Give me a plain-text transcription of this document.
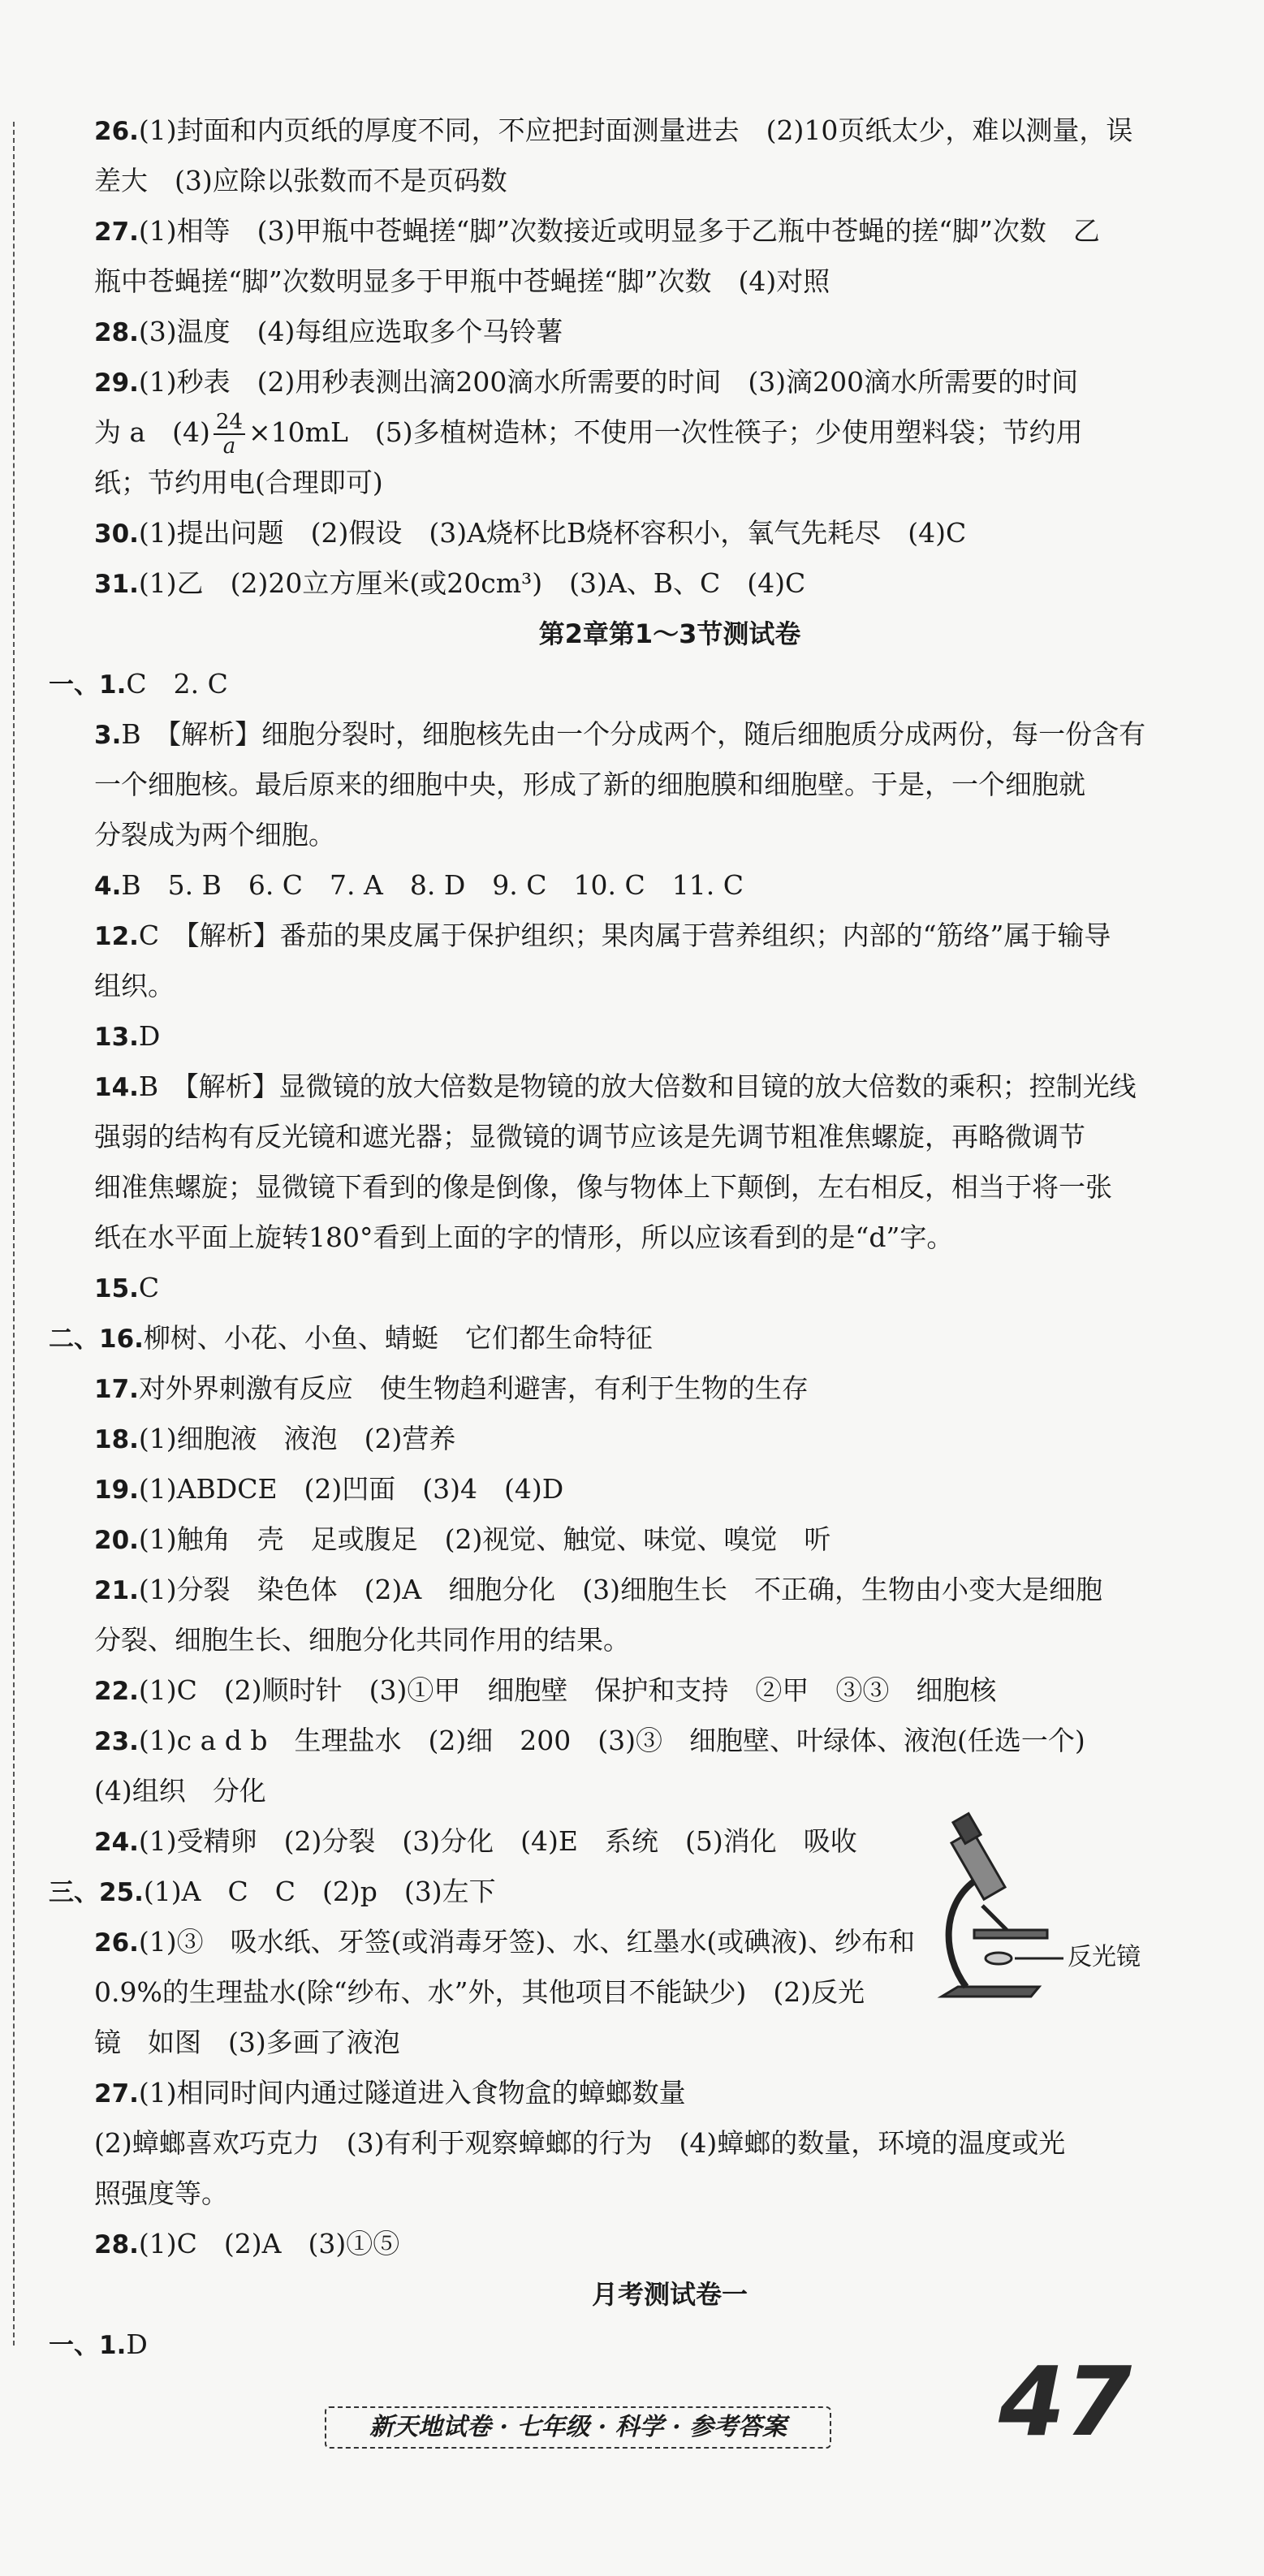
26.(1)封面和内页纸的厚度不同，不应把封面测量进去　(2)10页纸太少，难以测量，误
差大　(3)应除以张数而不是页码数
27.(1)相等　(3)甲瓶中苍蝇搓“脚”次数接近或明显多于乙瓶中苍蝇的搓“脚”次数　乙
瓶中苍蝇搓“脚”次数明显多于甲瓶中苍蝇搓“脚”次数　(4)对照
28.(3)温度　(4)每组应选取多个马铃薯
29.(1)秒表　(2)用秒表测出滴200滴水所需要的时间　(3)滴200滴水所需要的时间
为 a　$(4) \frac{24}{a} \times 10mL$　(5)多植树造林；不使用一次性筷子；少使用塑料袋；节约用
纸；节约用电(合理即可)
30.(1)提出问题　(2)假设　(3)A烧杯比B烧杯容积小，氧气先耗尽　(4)C
31.(1)乙　(2)20立方厘米(或20cm³)　(3)A、B、C　(4)C
第2章第1～3节测试卷
一、1.C　2. C
3.B　【解析】细胞分裂时，细胞核先由一个分成两个，随后细胞质分成两份，每一份含有
一个细胞核。最后原来的细胞中央，形成了新的细胞膜和细胞壁。于是，一个细胞就
分裂成为两个细胞。
4.B　5. B　6. C　7. A　8. D　9. C　10. C　11. C
12.C　【解析】番茄的果皮属于保护组织；果肉属于营养组织；内部的“筋络”属于输导
组织。
13.D
14.B　【解析】显微镜的放大倍数是物镜的放大倍数和目镜的放大倍数的乘积；控制光线
强弱的结构有反光镜和遮光器；显微镜的调节应该是先调节粗准焦螺旋，再略微调节
细准焦螺旋；显微镜下看到的像是倒像，像与物体上下颠倒，左右相反，相当于将一张
纸在水平面上旋转180°看到上面的字的情形，所以应该看到的是“d”字。
15.C
二、16.柳树、小花、小鱼、蜻蜓　它们都生命特征
17.对外界刺激有反应　使生物趋利避害，有利于生物的生存
18.(1)细胞液　液泡　(2)营养
19.(1)ABDCE　(2)凹面　(3)4　(4)D
20.(1)触角　壳　足或腹足　(2)视觉、触觉、味觉、嗅觉　听
21.(1)分裂　染色体　(2)A　细胞分化　(3)细胞生长　不正确，生物由小变大是细胞
分裂、细胞生长、细胞分化共同作用的结果。
22.(1)C　(2)顺时针　(3)①甲　细胞壁　保护和支持　②甲　③③　细胞核
23.(1)c a d b　生理盐水　(2)细　200　(3)③　细胞壁、叶绿体、液泡(任选一个)
(4)组织　分化
24.(1)受精卵　(2)分裂　(3)分化　(4)E　系统　(5)消化　吸收
三、25.(1)A　C　C　(2)p　(3)左下
26.(1)③　吸水纸、牙签(或消毒牙签)、水、红墨水(或碘液)、纱布和
0.9%的生理盐水(除“纱布、水”外，其他项目不能缺少)　(2)反光
镜　如图　(3)多画了液泡
27.(1)相同时间内通过隧道进入食物盒的蟑螂数量
(2)蟑螂喜欢巧克力　(3)有利于观察蟑螂的行为　(4)蟑螂的数量，环境的温度或光
照强度等。
28.(1)C　(2)A　(3)①⑤
月考测试卷一
一、1.D
反光镜
新天地试卷 · 七年级 · 科学 · 参考答案	47
